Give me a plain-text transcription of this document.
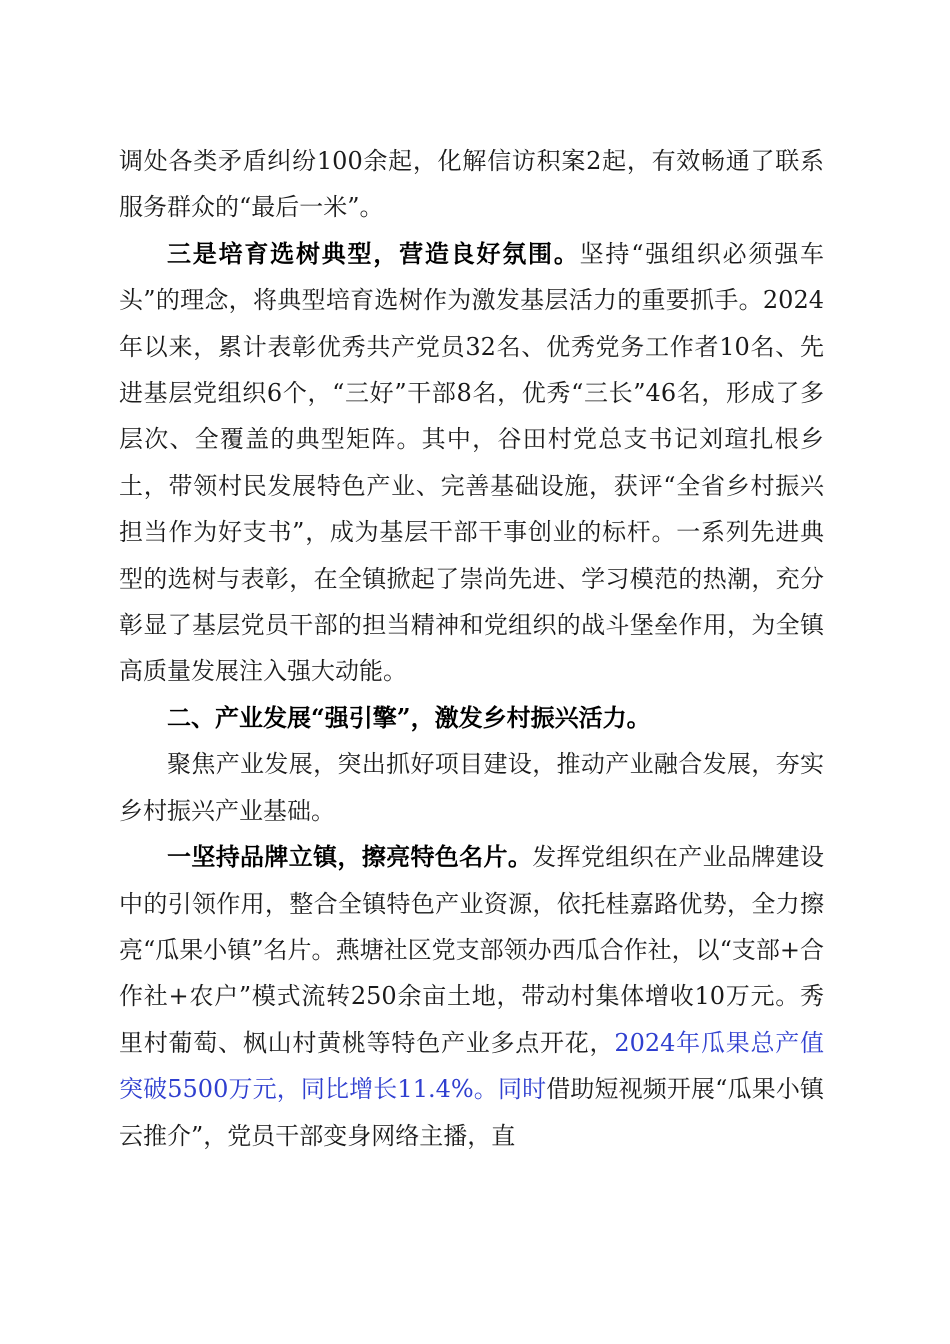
调处各类矛盾纠纷100余起，化解信访积案2起，有效畅通了联系服务群众的“最后一米”。

三是培育选树典型，营造良好氛围。坚持“强组织必须强车头”的理念，将典型培育选树作为激发基层活力的重要抓手。2024年以来，累计表彰优秀共产党员32名、优秀党务工作者10名、先进基层党组织6个，“三好”干部8名，优秀“三长”46名，形成了多层次、全覆盖的典型矩阵。其中，谷田村党总支书记刘瑄扎根乡土，带领村民发展特色产业、完善基础设施，获评“全省乡村振兴担当作为好支书”，成为基层干部干事创业的标杆。一系列先进典型的选树与表彰，在全镇掀起了崇尚先进、学习模范的热潮，充分彰显了基层党员干部的担当精神和党组织的战斗堡垒作用，为全镇高质量发展注入强大动能。

二、产业发展“强引擎”，激发乡村振兴活力。

聚焦产业发展，突出抓好项目建设，推动产业融合发展，夯实乡村振兴产业基础。

一坚持品牌立镇，擦亮特色名片。发挥党组织在产业品牌建设中的引领作用，整合全镇特色产业资源，依托桂嘉路优势，全力擦亮“瓜果小镇”名片。燕塘社区党支部领办西瓜合作社，以“支部+合作社+农户”模式流转250余亩土地，带动村集体增收10万元。秀里村葡萄、枫山村黄桃等特色产业多点开花，2024年瓜果总产值突破5500万元，同比增长11.4%。同时借助短视频开展“瓜果小镇云推介”，党员干部变身网络主播，直
